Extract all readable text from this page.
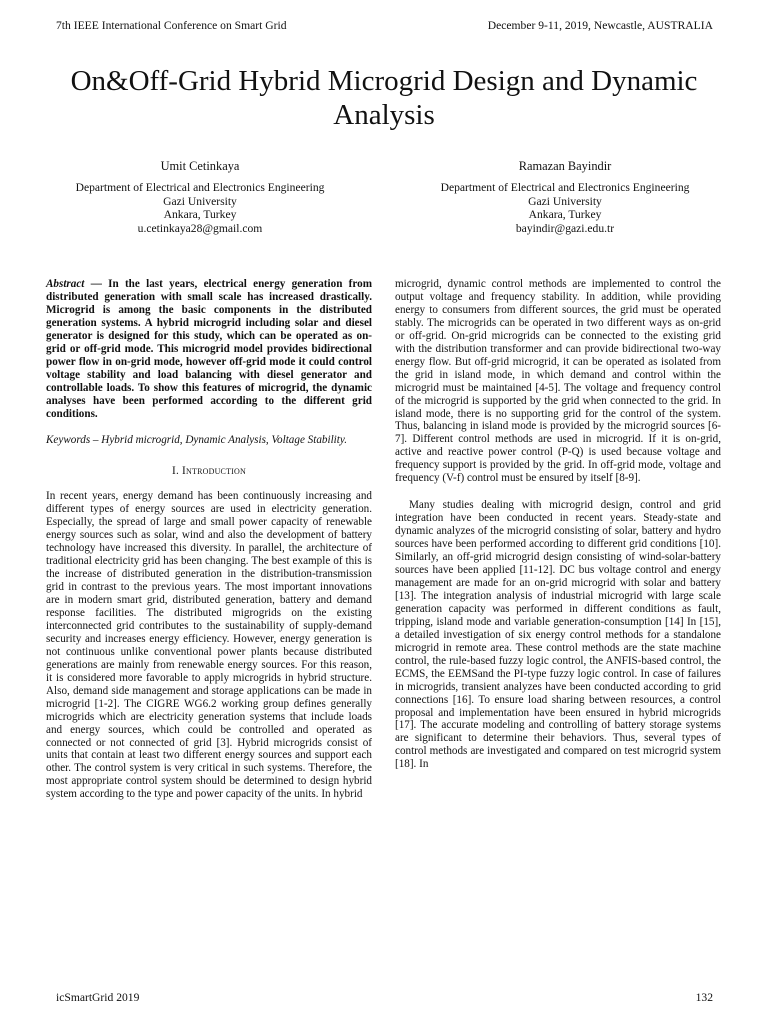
7th IEEE International Conference on Smart Grid	December 9-11, 2019, Newcastle, AUSTRALIA
On&Off-Grid Hybrid Microgrid Design and Dynamic Analysis
Umit Cetinkaya
Department of Electrical and Electronics Engineering
Gazi University
Ankara, Turkey
u.cetinkaya28@gmail.com
Ramazan Bayindir
Department of Electrical and Electronics Engineering
Gazi University
Ankara, Turkey
bayindir@gazi.edu.tr

Abstract — In the last years, electrical energy generation from distributed generation with small scale has increased drastically. Microgrid is among the basic components in the distributed generation systems. A hybrid microgrid including solar and diesel generator is designed for this study, which can be operated as on-grid or off-grid mode. This microgrid model provides bidirectional power flow in on-grid mode, however off-grid mode it could control voltage stability and load balancing with diesel generator and controllable loads. To show this features of microgrid, the dynamic analyses have been performed according to the different grid conditions.

Keywords – Hybrid microgrid, Dynamic Analysis, Voltage Stability.

I. Introduction

In recent years, energy demand has been continuously increasing and different types of energy sources are used in electricity generation. Especially, the spread of large and small power capacity of renewable energy sources such as solar, wind and also the development of battery technology have increased this diversity. In parallel, the architecture of traditional electricity grid has been changing. The best example of this is the increase of distributed generation in the distribution-transmission grid in contrast to the previous years. The most important innovations are in modern smart grid, distributed generation, battery and demand response facilities. The distributed migrogrids on the existing interconnected grid contributes to the sustainability of supply-demand security and increases energy efficiency. However, energy generation is not continuous unlike conventional power plants because distributed generations are mainly from renewable energy sources. For this reason, it is considered more favorable to apply microgrids in hybrid structure. Also, demand side management and storage applications can be made in microgrid [1-2]. The CIGRE WG6.2 working group defines generally microgrids which are electricity generation systems that include loads and energy sources, which could be controlled and operated as connected or not connected of grid [3]. Hybrid microgrids consist of units that contain at least two different energy sources and support each other. The control system is very critical in such systems. Therefore, the most appropriate control system should be determined to design hybrid system according to the type and power capacity of the units. In hybrid

microgrid, dynamic control methods are implemented to control the output voltage and frequency stability. In addition, while providing energy to consumers from different sources, the grid must be operated stably. The microgrids can be operated in two different ways as on-grid or off-grid. On-grid microgrids can be connected to the existing grid with the distribution transformer and can provide bidirectional two-way energy flow. But off-grid microgrid, it can be operated as isolated from the grid in island mode, in which demand and control within the microgrid must be maintained [4-5]. The voltage and frequency control of the microgrid is supported by the grid when connected to the grid. In island mode, there is no supporting grid for the control of the system. Thus, balancing in island mode is provided by the microgrid sources [6-7]. Different control methods are used in microgrid. If it is on-grid, active and reactive power control (P-Q) is used because voltage and frequency support is provided by the grid. In off-grid mode, voltage and frequency (V-f) control must be ensured by itself [8-9].

Many studies dealing with microgrid design, control and grid integration have been conducted in recent years. Steady-state and dynamic analyzes of the microgrid consisting of solar, battery and hydro sources have been performed according to different grid conditions [10]. Similarly, an off-grid microgrid design consisting of wind-solar-battery sources have been applied [11-12]. DC bus voltage control and energy management are made for an on-grid microgrid with solar and battery [13]. The integration analysis of industrial microgrid with large scale generation capacity was performed in different conditions as fault, tripping, island mode and variable generation-consumption [14] In [15], a detailed investigation of six energy control methods for a standalone microgrid in remote area. These control methods are the state machine control, the rule-based fuzzy logic control, the ANFIS-based control, the ECMS, the EEMSand the PI-type fuzzy logic control. In case of failures in microgrids, transient analyzes have been conducted according to grid connections [16]. To ensure load sharing between resources, a control proposal and implementation have been ensured in hybrid microgrids [17]. The accurate modeling and controlling of battery storage systems are significant to determine their behaviors. Thus, several types of control methods are investigated and compared on test microgrid system [18]. In

icSmartGrid 2019	132
